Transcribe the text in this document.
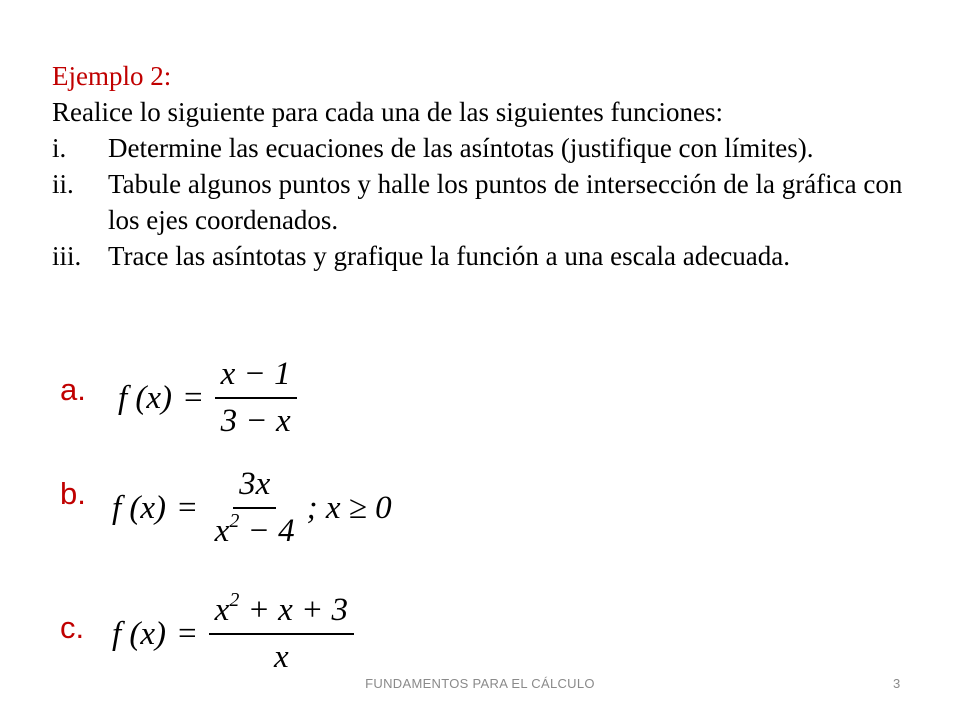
Ejemplo 2:
Realice lo siguiente para cada una de las siguientes funciones:
i. Determine las ecuaciones de las asíntotas (justifique con límites).
ii. Tabule algunos puntos y halle los puntos de intersección de la gráfica con los ejes coordenados.
iii. Trace las asíntotas y grafique la función a una escala adecuada.
a. f $(x) = \frac{x - 1}{3 - x}$
b. f $(x) = \frac{3x}{x^2 - 4}$ ; x ≥ 0
c. f $(x) = \frac{x^2 + x + 3}{x}$
FUNDAMENTOS PARA EL CÁLCULO	3
